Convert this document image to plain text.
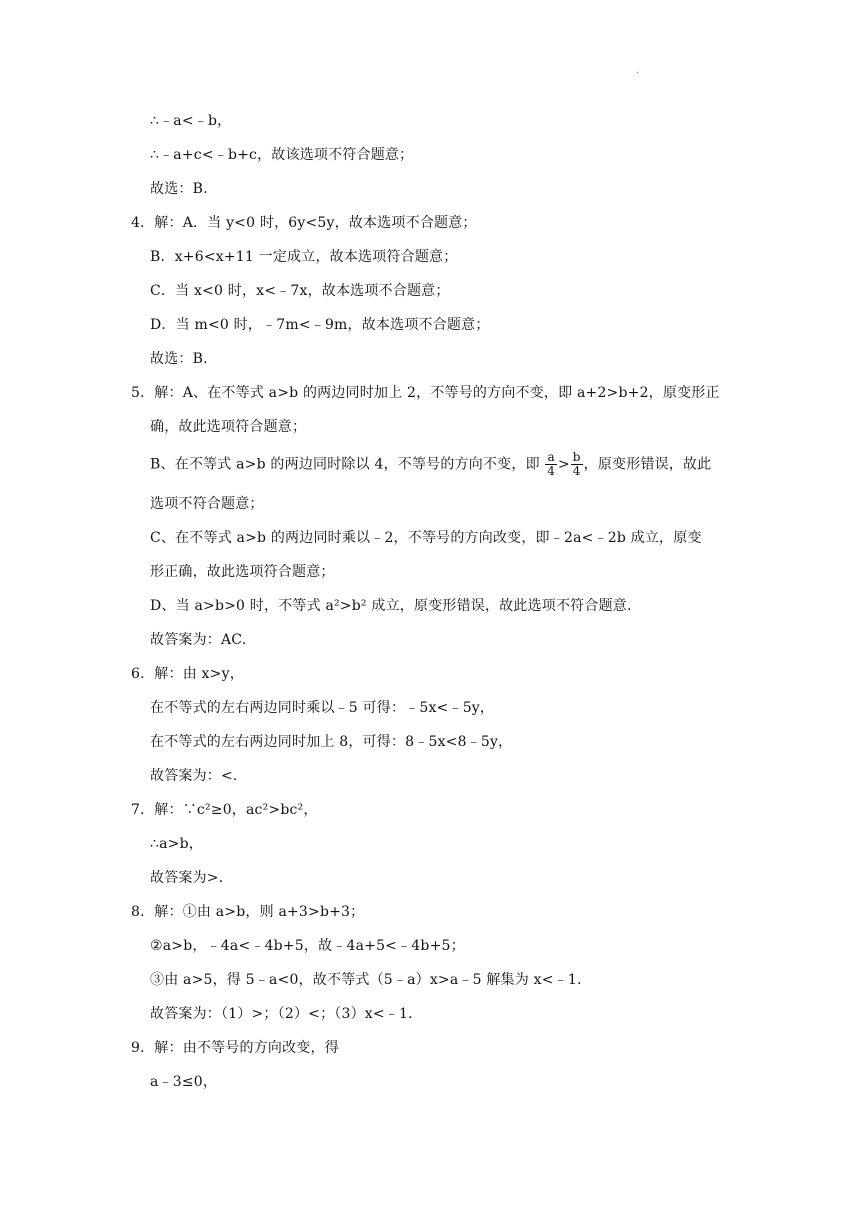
·
∴﹣a<﹣b，
∴﹣a+c<﹣b+c，故该选项不符合题意；
故选：B.
4．解：A．当 y<0 时，6y<5y，故本选项不合题意；
B．x+6<x+11 一定成立，故本选项符合题意；
C．当 x<0 时，x<﹣7x，故本选项不合题意；
D．当 m<0 时，﹣7m<﹣9m，故本选项不合题意；
故选：B.
5．解：A、在不等式 a>b 的两边同时加上 2，不等号的方向不变，即 a+2>b+2，原变形正
确，故此选项符合题意；
B、在不等式 a>b 的两边同时除以 4，不等号的方向不变，即 $\frac{a}{4} > \frac{b}{4}$ ，原变形错误，故此
选项不符合题意；
C、在不等式 a>b 的两边同时乘以﹣2，不等号的方向改变，即﹣2a<﹣2b 成立，原变
形正确，故此选项符合题意；
D、当 a>b>0 时，不等式 a²>b² 成立，原变形错误，故此选项不符合题意.
故答案为：AC.
6．解：由 x>y，
在不等式的左右两边同时乘以﹣5 可得：﹣5x<﹣5y，
在不等式的左右两边同时加上 8，可得：8﹣5x<8﹣5y，
故答案为：<.
7．解：∵c²≥0，ac²>bc²，
∴a>b，
故答案为>.
8．解：①由 a>b，则 a+3>b+3；
②a>b，﹣4a<﹣4b+5，故﹣4a+5<﹣4b+5；
③由 a>5，得 5﹣a<0，故不等式（5﹣a）x>a﹣5 解集为 x<﹣1.
故答案为：（1）>；（2）<；（3）x<﹣1.
9．解：由不等号的方向改变，得
a﹣3≤0，
